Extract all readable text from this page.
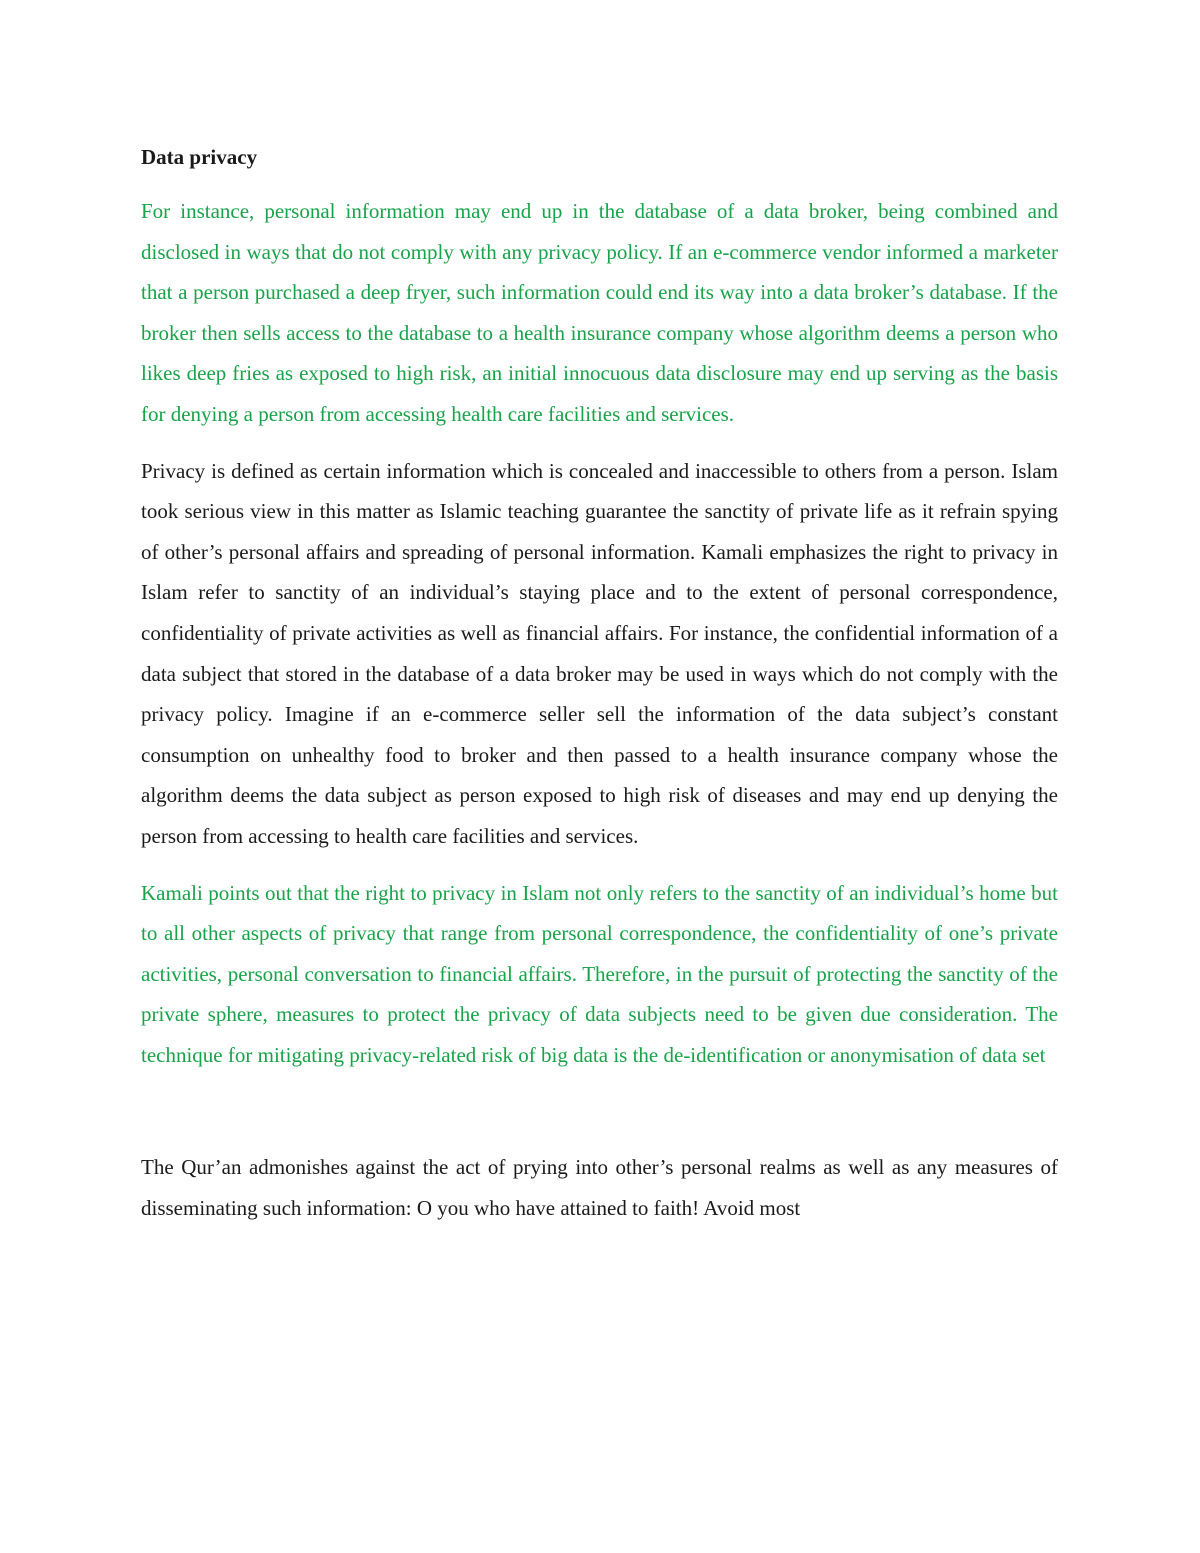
Data privacy

For instance, personal information may end up in the database of a data broker, being combined and disclosed in ways that do not comply with any privacy policy. If an e-commerce vendor informed a marketer that a person purchased a deep fryer, such information could end its way into a data broker’s database. If the broker then sells access to the database to a health insurance company whose algorithm deems a person who likes deep fries as exposed to high risk, an initial innocuous data disclosure may end up serving as the basis for denying a person from accessing health care facilities and services.

Privacy is defined as certain information which is concealed and inaccessible to others from a person. Islam took serious view in this matter as Islamic teaching guarantee the sanctity of private life as it refrain spying of other’s personal affairs and spreading of personal information. Kamali emphasizes the right to privacy in Islam refer to sanctity of an individual’s staying place and to the extent of personal correspondence, confidentiality of private activities as well as financial affairs. For instance, the confidential information of a data subject that stored in the database of a data broker may be used in ways which do not comply with the privacy policy. Imagine if an e-commerce seller sell the information of the data subject’s constant consumption on unhealthy food to broker and then passed to a health insurance company whose the algorithm deems the data subject as person exposed to high risk of diseases and may end up denying the person from accessing to health care facilities and services.

Kamali points out that the right to privacy in Islam not only refers to the sanctity of an individual’s home but to all other aspects of privacy that range from personal correspondence, the confidentiality of one’s private activities, personal conversation to financial affairs. Therefore, in the pursuit of protecting the sanctity of the private sphere, measures to protect the privacy of data subjects need to be given due consideration. The technique for mitigating privacy-related risk of big data is the de-identification or anonymisation of data set

The Qur’an admonishes against the act of prying into other’s personal realms as well as any measures of disseminating such information: O you who have attained to faith! Avoid most
